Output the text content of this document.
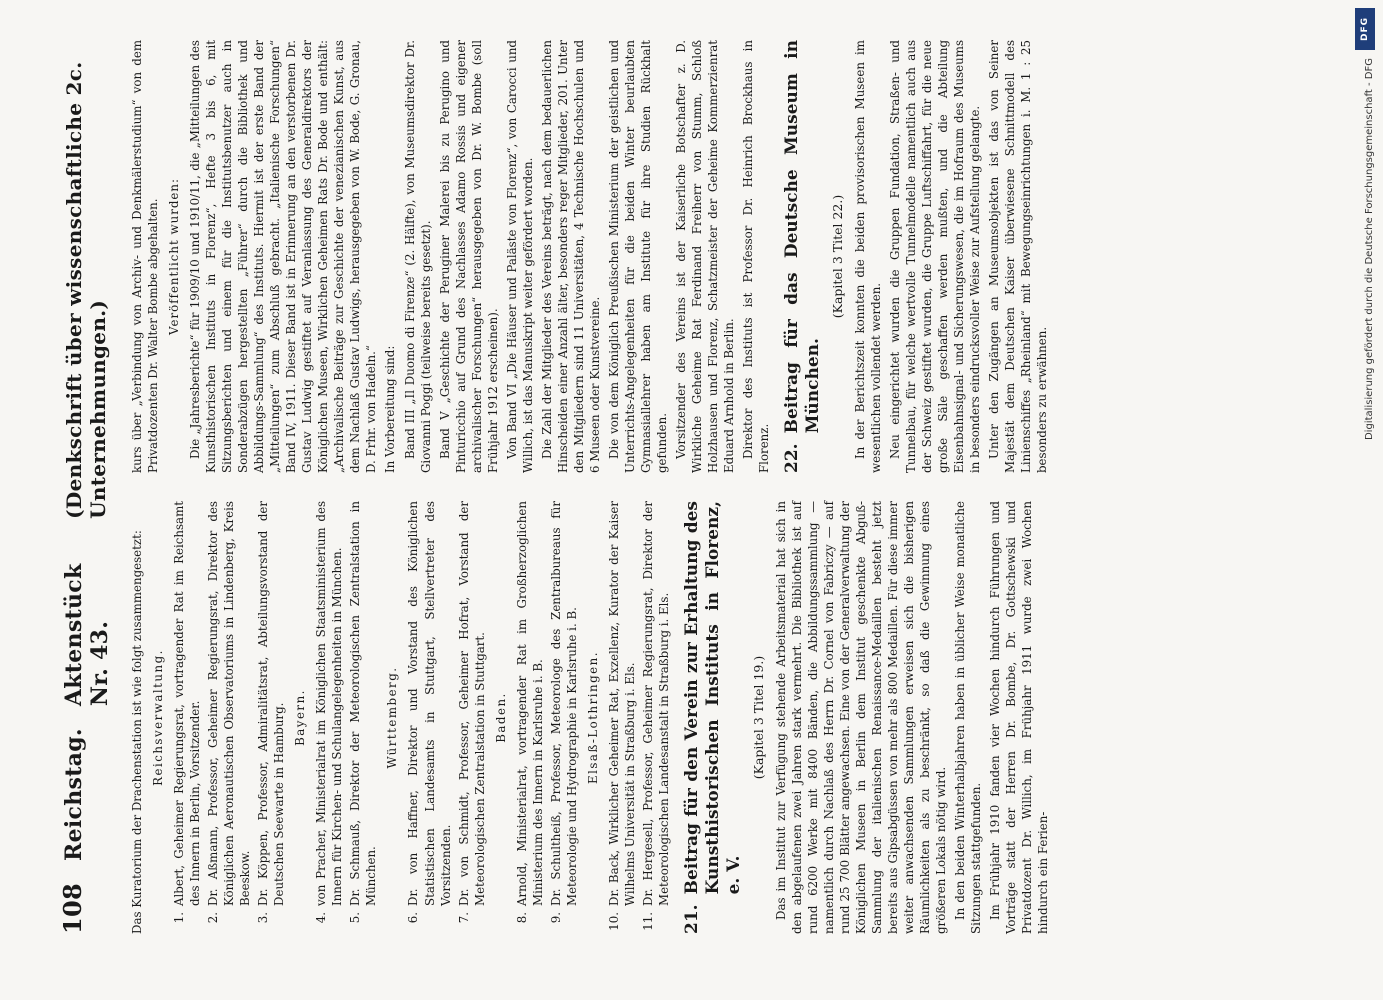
108
Reichstag.
Aktenstück Nr. 43.
(Denkschrift über wissenschaftliche 2c. Unternehmungen.)

Das Kuratorium der Drachenstation ist wie folgt zusammengesetzt: Reichsverwaltung.

1.
Albert, Geheimer Regierungsrat, vortragender Rat im Reichsamt des Innern in Berlin, Vorsitzender.
2.
Dr. Aßmann, Professor, Geheimer Regierungsrat, Direktor des Königlichen Aeronautischen Observatoriums in Lindenberg, Kreis Beeskow.
3.
Dr. Köppen, Professor, Admiralitätsrat, Abteilungsvorstand der Deutschen Seewarte in Hamburg. Bayern.

4.
von Pracher, Ministerialrat im Königlichen Staatsministerium des Innern für Kirchen- und Schulangelegenheiten in München.
5.
Dr. Schmauß, Direktor der Meteorologischen Zentralstation in München.

Württemberg.

6.
Dr. von Haffner, Direktor und Vorstand des Königlichen Statistischen Landesamts in Stuttgart, Stellvertreter des Vorsitzenden.
7.
Dr. von Schmidt, Professor, Geheimer Hofrat, Vorstand der Meteorologischen Zentralstation in Stuttgart. Baden.

8.
Arnold, Ministerialrat, vortragender Rat im Großherzoglichen Ministerium des Innern in Karlsruhe i. B.
9.
Dr. Schultheiß, Professor, Meteorologe des Zentralbureaus für Meteorologie und Hydrographie in Karlsruhe i. B. Elsaß-Lothringen.

10.
Dr. Back, Wirklicher Geheimer Rat, Exzellenz, Kurator der Kaiser Wilhelms Universität in Straßburg i. Els.
11.
Dr. Hergesell, Professor, Geheimer Regierungsrat, Direktor der Meteorologischen Landesanstalt in Straßburg i. Els.
21.
Beitrag für den Verein zur Erhaltung des Kunsthistorischen Instituts in Florenz, e. V.
(Kapitel 3 Titel 19.) Das im Institut zur Verfügung stehende Arbeitsmaterial hat sich in den abgelaufenen zwei Jahren stark vermehrt. Die Bibliothek ist auf rund 6200 Werke mit 8400 Bänden, die Abbildungssammlung — namentlich durch Nachlaß des Herrn Dr. Cornel von Fabriczy — auf rund 25 700 Blätter angewachsen. Eine von der Generalverwaltung der Königlichen Museen in Berlin dem Institut geschenkte Abguß-Sammlung der italienischen Renaissance-Medaillen besteht jetzt bereits aus Gipsabgüssen von mehr als 800 Medaillen. Für diese immer weiter anwachsenden Sammlungen erweisen sich die bisherigen Räumlichkeiten als zu beschränkt, so daß die Gewinnung eines größeren Lokals nötig wird. In den beiden Winterhalbjahren haben in üblicher Weise monatliche Sitzungen stattgefunden. Im Frühjahr 1910 fanden vier Wochen hindurch Führungen und Vorträge statt der Herren Dr. Bombe, Dr. Gottschewski und Privatdozent Dr. Willich, im Frühjahr 1911 wurde zwei Wochen hindurch ein Ferien-

kurs über „Verbindung von Archiv- und Denkmälerstudium“ von dem Privatdozenten Dr. Walter Bombe abgehalten. Veröffentlicht wurden: Die „Jahresberichte“ für 1909/10 und 1910/11, die „Mitteilungen des Kunsthistorischen Instituts in Florenz“, Hefte 3 bis 6, mit Sitzungsberichten und einem für die Institutsbenutzer auch in Sonderabzügen hergestellten „Führer“ durch die Bibliothek und Abbildungs-Sammlung“ des Instituts. Hiermit ist der erste Band der „Mitteilungen“ zum Abschluß gebracht. „Italienische Forschungen“ Band IV, 1911. Dieser Band ist in Erinnerung an den verstorbenen Dr. Gustav Ludwig gestiftet auf Veranlassung des Generaldirektors der Königlichen Museen, Wirklichen Geheimen Rats Dr. Bode und enthält: „Archivalische Beiträge zur Geschichte der venezianischen Kunst, aus dem Nachlaß Gustav Ludwigs, herausgegeben von W. Bode, G. Gronau, D. Frhr. von Hadeln.“ In Vorbereitung sind: Band III „Il Duomo di Firenze“ (2. Hälfte), von Museumsdirektor Dr. Giovanni Poggi (teilweise bereits gesetzt). Band V „Geschichte der Peruginer Malerei bis zu Perugino und Pinturicchio auf Grund des Nachlasses Adamo Rossis und eigener archivalischer Forschungen“ herausgegeben von Dr. W. Bombe (soll Frühjahr 1912 erscheinen). Von Band VI „Die Häuser und Paläste von Florenz“, von Carocci und Willich, ist das Manuskript weiter gefördert worden. Die Zahl der Mitglieder des Vereins beträgt, nach dem bedauerlichen Hinscheiden einer Anzahl älter, besonders reger Mitglieder, 201. Unter den Mitgliedern sind 11 Universitäten, 4 Technische Hochschulen und 6 Museen oder Kunstvereine. Die von dem Königlich Preußischen Ministerium der geistlichen und Unterrichts-Angelegenheiten für die beiden Winter beurlaubten Gymnasiallehrer haben am Institute für ihre Studien Rückhalt gefunden. Vorsitzender des Vereins ist der Kaiserliche Botschafter z. D. Wirkliche Geheime Rat Ferdinand Freiherr von Stumm, Schloß Holzhausen und Florenz, Schatzmeister der Geheime Kommerzienrat Eduard Arnhold in Berlin. Direktor des Instituts ist Professor Dr. Heinrich Brockhaus in Florenz. 22.
Beitrag für das Deutsche Museum in München.
(Kapitel 3 Titel 22.) In der Berichtszeit konnten die beiden provisorischen Museen im wesentlichen vollendet werden. Neu eingerichtet wurden die Gruppen Fundation, Straßen- und Tunnelbau, für welche wertvolle Tunnelmodelle namentlich auch aus der Schweiz gestiftet wurden, die Gruppe Luftschiffahrt, für die neue große Säle geschaffen werden mußten, und die Abteilung Eisenbahnsignal- und Sicherungswesen, die im Hofraum des Museums in besonders eindrucksvoller Weise zur Aufstellung gelangte. Unter den Zugängen an Museumsobjekten ist das von Seiner Majestät dem Deutschen Kaiser überwiesene Schnittmodell des Linienschiffes „Rheinland“ mit Bewegungseinrichtungen i. M. 1 : 25 besonders zu erwähnen.

DFG
Digitalisierung gefördert durch die Deutsche Forschungsgemeinschaft - DFG
